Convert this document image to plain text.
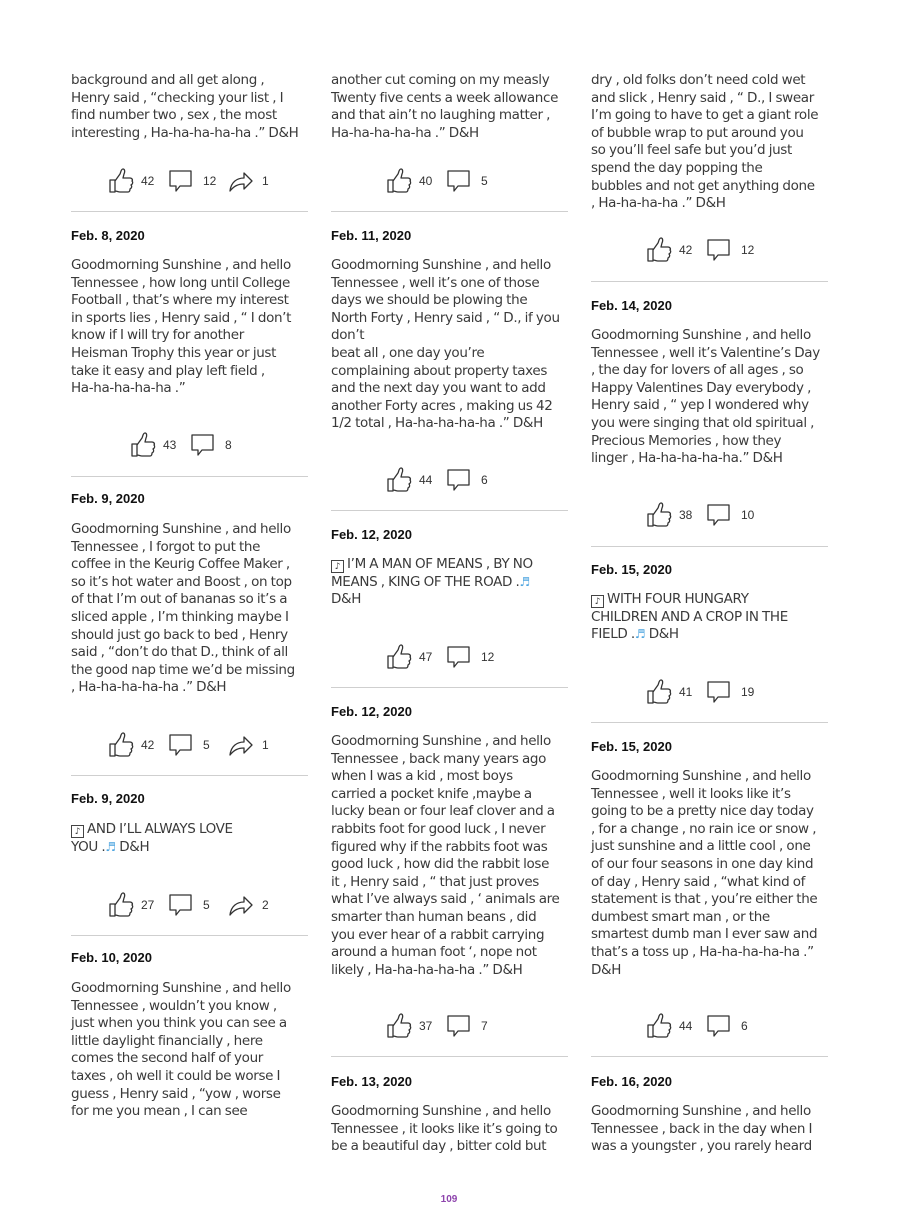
background and all get along ,
Henry said , “checking your list , I
find number two , sex , the most
interesting , Ha-ha-ha-ha-ha .” D&H
42	12	1
Feb. 8, 2020
Goodmorning Sunshine , and hello
Tennessee , how long until College
Football , that’s where my interest
in sports lies , Henry said , “ I don’t
know if I will try for another
Heisman Trophy this year or just
take it easy and play left field ,
Ha-ha-ha-ha-ha .”
43	8
Feb. 9, 2020
Goodmorning Sunshine , and hello
Tennessee , I forgot to put the
coffee in the Keurig Coffee Maker ,
so it’s hot water and Boost , on top
of that I’m out of bananas so it’s a
sliced apple , I’m thinking maybe I
should just go back to bed , Henry
said , “don’t do that D., think of all
the good nap time we’d be missing
, Ha-ha-ha-ha-ha .” D&H
42	5	1
Feb. 9, 2020
♪ AND I’LL ALWAYS LOVE
YOU .♬ D&H
27	5	2
Feb. 10, 2020
Goodmorning Sunshine , and hello
Tennessee , wouldn’t you know ,
just when you think you can see a
little daylight financially , here
comes the second half of your
taxes , oh well it could be worse I
guess , Henry said , “yow , worse
for me you mean , I can see
another cut coming on my measly
Twenty five cents a week allowance
and that ain’t no laughing matter ,
Ha-ha-ha-ha-ha .” D&H
40	5
Feb. 11, 2020
Goodmorning Sunshine , and hello
Tennessee , well it’s one of those
days we should be plowing the
North Forty , Henry said , “ D., if you don’t
beat all , one day you’re
complaining about property taxes
and the next day you want to add
another Forty acres , making us 42
1/2 total , Ha-ha-ha-ha-ha .” D&H
44	6
Feb. 12, 2020
♪ I’M A MAN OF MEANS , BY NO
MEANS , KING OF THE ROAD .♬
D&H
47	12
Feb. 12, 2020
Goodmorning Sunshine , and hello
Tennessee , back many years ago
when I was a kid , most boys
carried a pocket knife ,maybe a
lucky bean or four leaf clover and a
rabbits foot for good luck , I never
figured why if the rabbits foot was
good luck , how did the rabbit lose
it , Henry said , “ that just proves
what I’ve always said , ‘ animals are
smarter than human beans , did
you ever hear of a rabbit carrying
around a human foot ‘, nope not
likely , Ha-ha-ha-ha-ha .” D&H
37	7
Feb. 13, 2020
Goodmorning Sunshine , and hello
Tennessee , it looks like it’s going to
be a beautiful day , bitter cold but
dry , old folks don’t need cold wet
and slick , Henry said , “ D., I swear
I’m going to have to get a giant role
of bubble wrap to put around you
so you’ll feel safe but you’d just
spend the day popping the
bubbles and not get anything done
, Ha-ha-ha-ha .” D&H
42	12
Feb. 14, 2020
Goodmorning Sunshine , and hello
Tennessee , well it’s Valentine’s Day
, the day for lovers of all ages , so
Happy Valentines Day everybody ,
Henry said , “ yep I wondered why
you were singing that old spiritual ,
Precious Memories , how they
linger , Ha-ha-ha-ha-ha.” D&H
38	10
Feb. 15, 2020
♪ WITH FOUR HUNGARY
CHILDREN AND A CROP IN THE
FIELD .♬ D&H
41	19
Feb. 15, 2020
Goodmorning Sunshine , and hello
Tennessee , well it looks like it’s
going to be a pretty nice day today
, for a change , no rain ice or snow ,
just sunshine and a little cool , one
of our four seasons in one day kind
of day , Henry said , “what kind of
statement is that , you’re either the
dumbest smart man , or the
smartest dumb man I ever saw and
that’s a toss up , Ha-ha-ha-ha-ha .”
D&H
44	6
Feb. 16, 2020
Goodmorning Sunshine , and hello
Tennessee , back in the day when I
was a youngster , you rarely heard
109
